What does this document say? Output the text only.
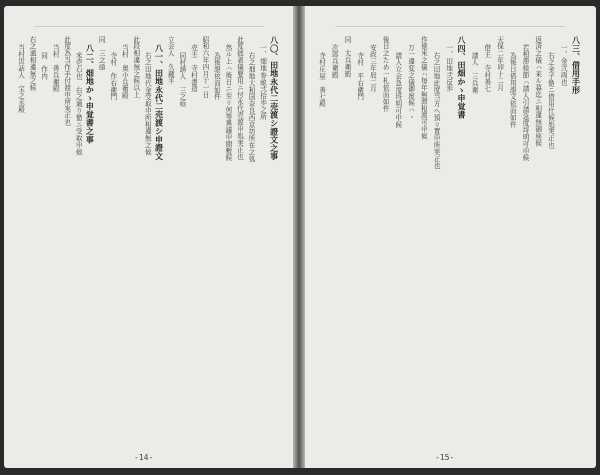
八〇、田地永代二売渡シ證文之事
一、畑地参畝弐拾歩之所
右之畑地大和国奈良西京坊所在之処
此度拙者儀要用ニ付永代売渡申処実正也
然ル上ハ後日ニ至リ何等異議申間敷候
為後證依而如件
昭和六年四月十一日
売主　寺村書造
同村請人　三之亟
立会人　久蔵平
八一、田地永代二売渡シ申證文
右之田地代金受取申所相違無之候
此段相違無之候以上
当村　奥小兵衛殿
寺村　作右衛門
同　三之亟
八二、畑地かゝ申覚書之事
米壱石也　右之通り慥ニ受取申候
此度為当作手付渡申所実正也
当村　善兵衛殿
同　作内
右之通相違無之候
当村世話人　宝之丞殿
-14-
八三、借用手形
一、金弐両也
右之金子慥ニ借用仕候処実正也
返済之儀ハ来ル暮迄ニ相違無御座候
若相滞候節ハ請人引請急度埒明可申候
為後日借用證文依而如件
天保二年卯十二月
借主　寺村善七
請人　三兵衛
八四、田畑かゝ申覚書
一、田地弐反歩
右之田地此度当方へ預リ置申所実正也
作徳米之儀ハ毎年無滞相渡可申候
万一違変之儀御座候ハゝ
請人立会急度埒明可申候
後日之ため一札依而如件
安政三年辰二月
寺村　平右衛門
同　太兵衛殿
次郎兵衛殿
寺村庄屋　善七殿
-15-
